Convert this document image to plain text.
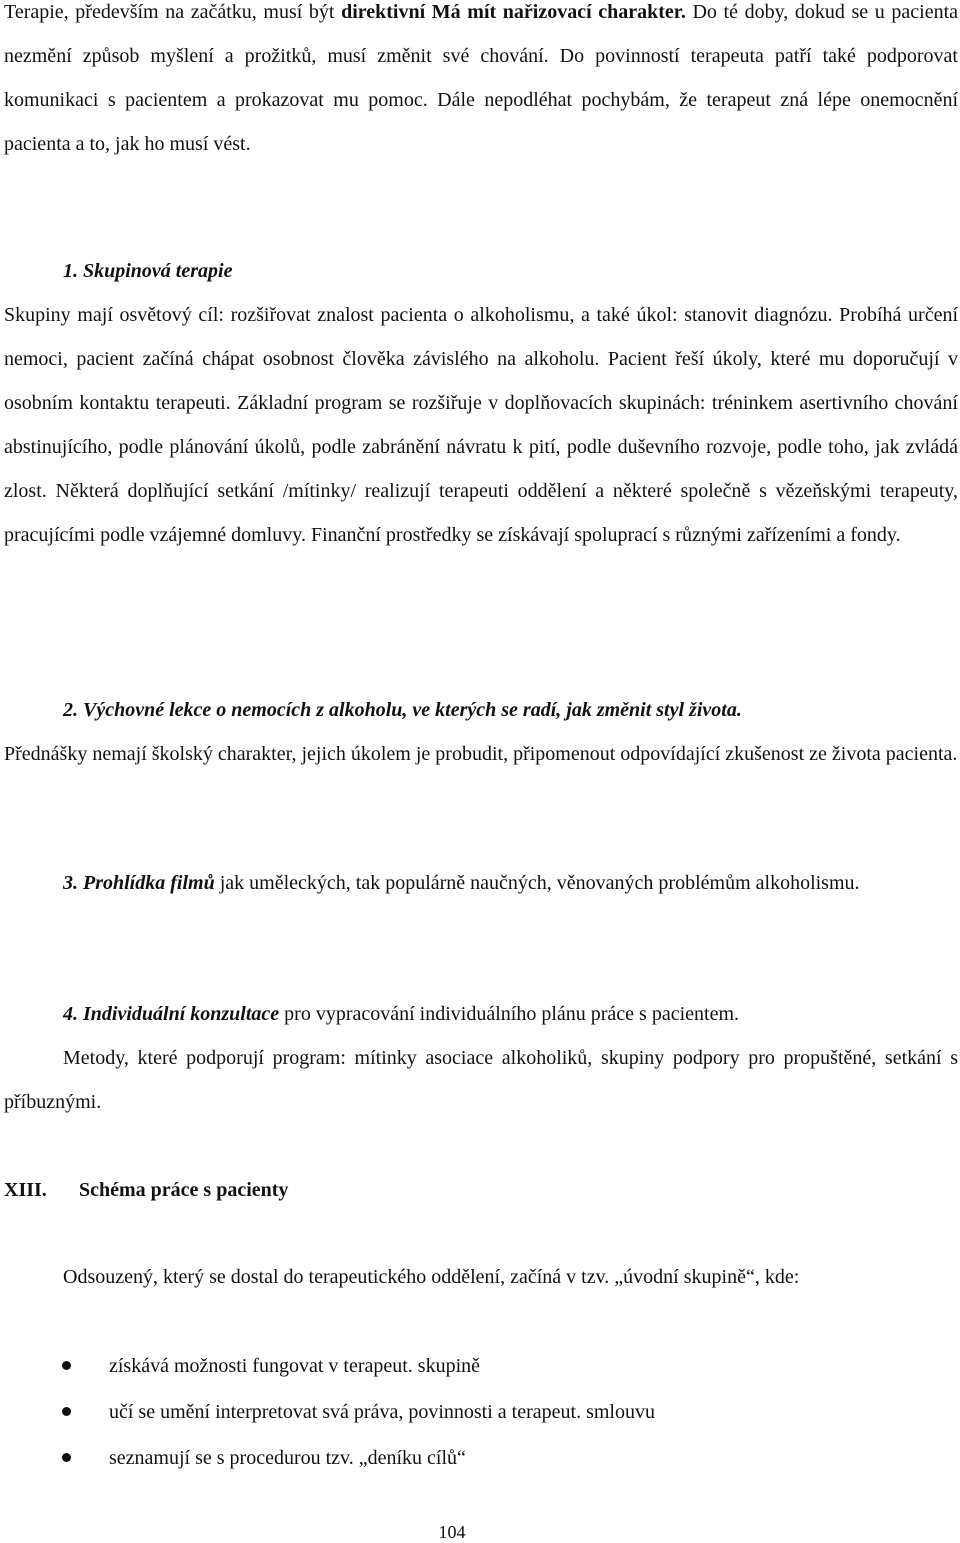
Terapie, především na začátku, musí být direktivní Má mít nařizovací charakter. Do té doby, dokud se u pacienta nezmění způsob myšlení a prožitků, musí změnit své chování. Do povinností terapeuta patří také podporovat komunikaci s pacientem a prokazovat mu pomoc. Dále nepodléhat pochybám, že terapeut zná lépe onemocnění pacienta a to, jak ho musí vést.
1. Skupinová terapie
Skupiny mají osvětový cíl: rozšiřovat znalost pacienta o alkoholismu, a také úkol: stanovit diagnózu. Probíhá určení nemoci, pacient začíná chápat osobnost člověka závislého na alkoholu. Pacient řeší úkoly, které mu doporučují v osobním kontaktu terapeuti. Základní program se rozšiřuje v doplňovacích skupinách: tréninkem asertivního chování abstinujícího, podle plánování úkolů, podle zabránění návratu k pití, podle duševního rozvoje, podle toho, jak zvládá zlost. Některá doplňující setkání /mítinky/ realizují terapeuti oddělení a některé společně s vězeňskými terapeuty, pracujícími podle vzájemné domluvy. Finanční prostředky se získávají spoluprací s různými zařízeními a fondy.
2. Výchovné lekce o nemocích z alkoholu, ve kterých se radí, jak změnit styl života.
Přednášky nemají školský charakter, jejich úkolem je probudit, připomenout odpovídající zkušenost ze života pacienta.
3. Prohlídka filmů jak uměleckých, tak populárně naučných, věnovaných problémům alkoholismu.
4. Individuální konzultace pro vypracování individuálního plánu práce s pacientem.
Metody, které podporují program: mítinky asociace alkoholiků, skupiny podpory pro propuštěné, setkání s příbuznými.
XIII. Schéma práce s pacienty
Odsouzený, který se dostal do terapeutického oddělení, začíná v tzv. „úvodní skupině“, kde:
získává možnosti fungovat v terapeut. skupině
učí se umění interpretovat svá práva, povinnosti a terapeut. smlouvu
seznamují se s procedurou tzv. „deníku cílů“
104
